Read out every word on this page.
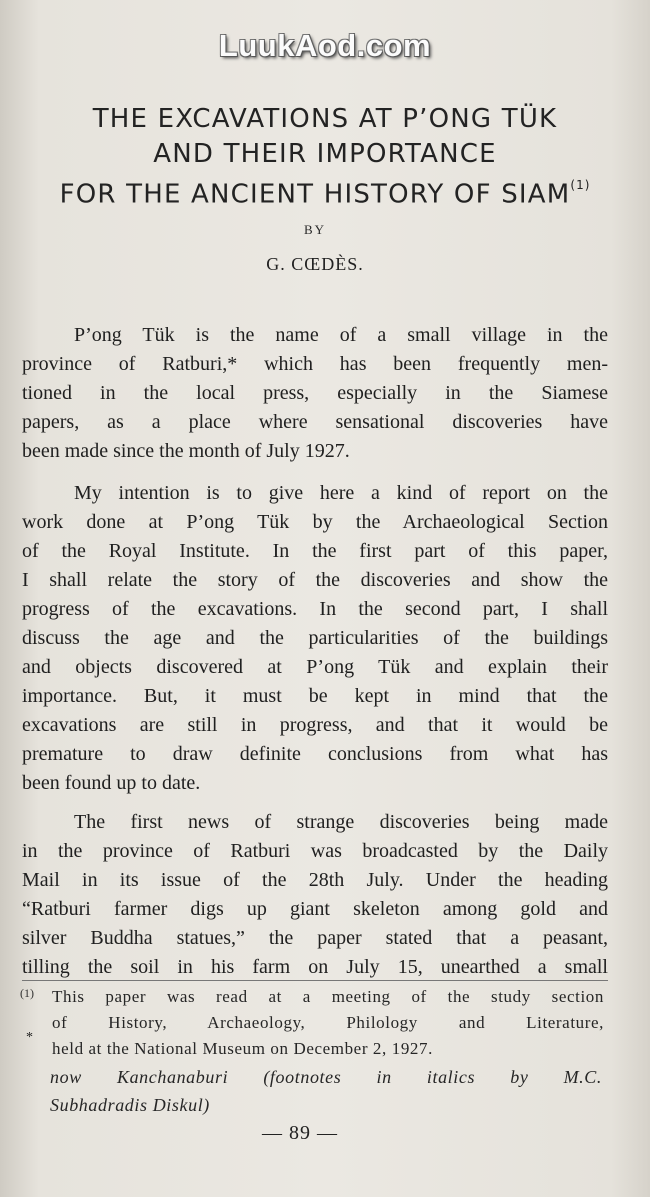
LuukAod.com
THE EXCAVATIONS AT P’ONG TÜK
AND THEIR IMPORTANCE
FOR THE ANCIENT HISTORY OF SIAM$^{(1)}$
BY
G. CŒDÈS.
P’ong Tük is the name of a small village in the
province of Ratburi,* which has been frequently men-
tioned in the local press, especially in the Siamese
papers, as a place where sensational discoveries have
been made since the month of July 1927.
My intention is to give here a kind of report on the
work done at P’ong Tük by the Archaeological Section
of the Royal Institute. In the first part of this paper,
I shall relate the story of the discoveries and show the
progress of the excavations. In the second part, I shall
discuss the age and the particularities of the buildings
and objects discovered at P’ong Tük and explain their
importance. But, it must be kept in mind that the
excavations are still in progress, and that it would be
premature to draw definite conclusions from what has
been found up to date.
The first news of strange discoveries being made
in the province of Ratburi was broadcasted by the Daily
Mail in its issue of the 28th July. Under the heading
“Ratburi farmer digs up giant skeleton among gold and
silver Buddha statues,” the paper stated that a peasant,
tilling the soil in his farm on July 15, unearthed a small
(1) This paper was read at a meeting of the study section
of History, Archaeology, Philology and Literature,
held at the National Museum on December 2, 1927.
*
now Kanchanaburi (footnotes in italics by M.C.
Subhadradis Diskul)
— 89 —
